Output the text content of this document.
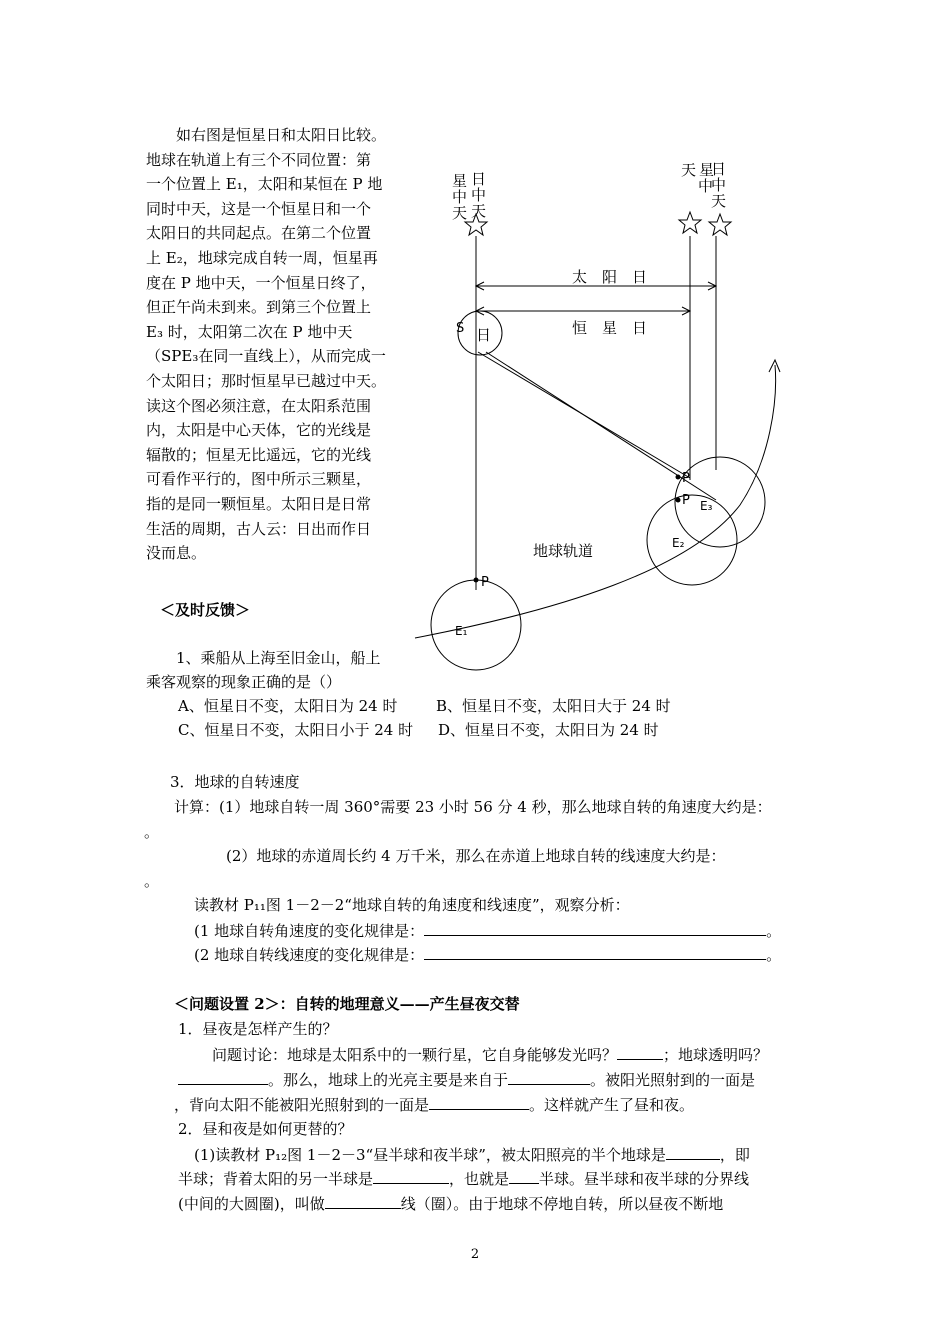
　　如右图是恒星日和太阳日比较。

地球在轨道上有三个不同位置：第

一个位置上 E₁，太阳和某恒在 P 地

同时中天，这是一个恒星日和一个

太阳日的共同起点。在第二个位置

上 E₂，地球完成自转一周，恒星再

度在 P 地中天，一个恒星日终了，

但正午尚未到来。到第三个位置上

E₃ 时，太阳第二次在 P 地中天

（SPE₃在同一直线上），从而完成一

个太阳日；那时恒星早已越过中天。

读这个图必须注意，在太阳系范围

内，太阳是中心天体，它的光线是

辐散的；恒星无比遥远，它的光线

可看作平行的，图中所示三颗星，

指的是同一颗恒星。太阳日是日常

生活的周期，古人云：日出而作日

没而息。

星
中
天
日
中
天
天 星
中
日
中
天
太　阳　日
恒　星　日
S 日
地球轨道
P
P
P
E₁
E₂
E₃
＜及时反馈＞
1、乘船从上海至旧金山，船上
乘客观察的现象正确的是（）
A、恒星日不变，太阳日为 24 时	B、恒星日不变，太阳日大于 24 时
C、恒星日不变，太阳日小于 24 时 D、恒星日不变，太阳日为 24 时
3．地球的自转速度
计算：(1）地球自转一周 360°需要 23 小时 56 分 4 秒，那么地球自转的角速度大约是：
。
(2）地球的赤道周长约 4 万千米，那么在赤道上地球自转的线速度大约是：
。
读教材 P₁₁图 1－2－2“地球自转的角速度和线速度”，观察分析：
(1 地球自转角速度的变化规律是：	。
(2 地球自转线速度的变化规律是：	。
＜问题设置 2＞：自转的地理意义——产生昼夜交替
1．昼夜是怎样产生的？
问题讨论：地球是太阳系中的一颗行星，它自身能够发光吗？	；地球透明吗？
。那么，地球上的光亮主要是来自于	。被阳光照射到的一面是
，背向太阳不能被阳光照射到的一面是	。这样就产生了昼和夜。
2．昼和夜是如何更替的？
(1)读教材 P₁₂图 1－2－3“昼半球和夜半球”，被太阳照亮的半个地球是	，即
半球；背着太阳的另一半球是	，也就是 半球。昼半球和夜半球的分界线
(中间的大圆圈)，叫做	线（圈）。由于地球不停地自转，所以昼夜不断地
2
